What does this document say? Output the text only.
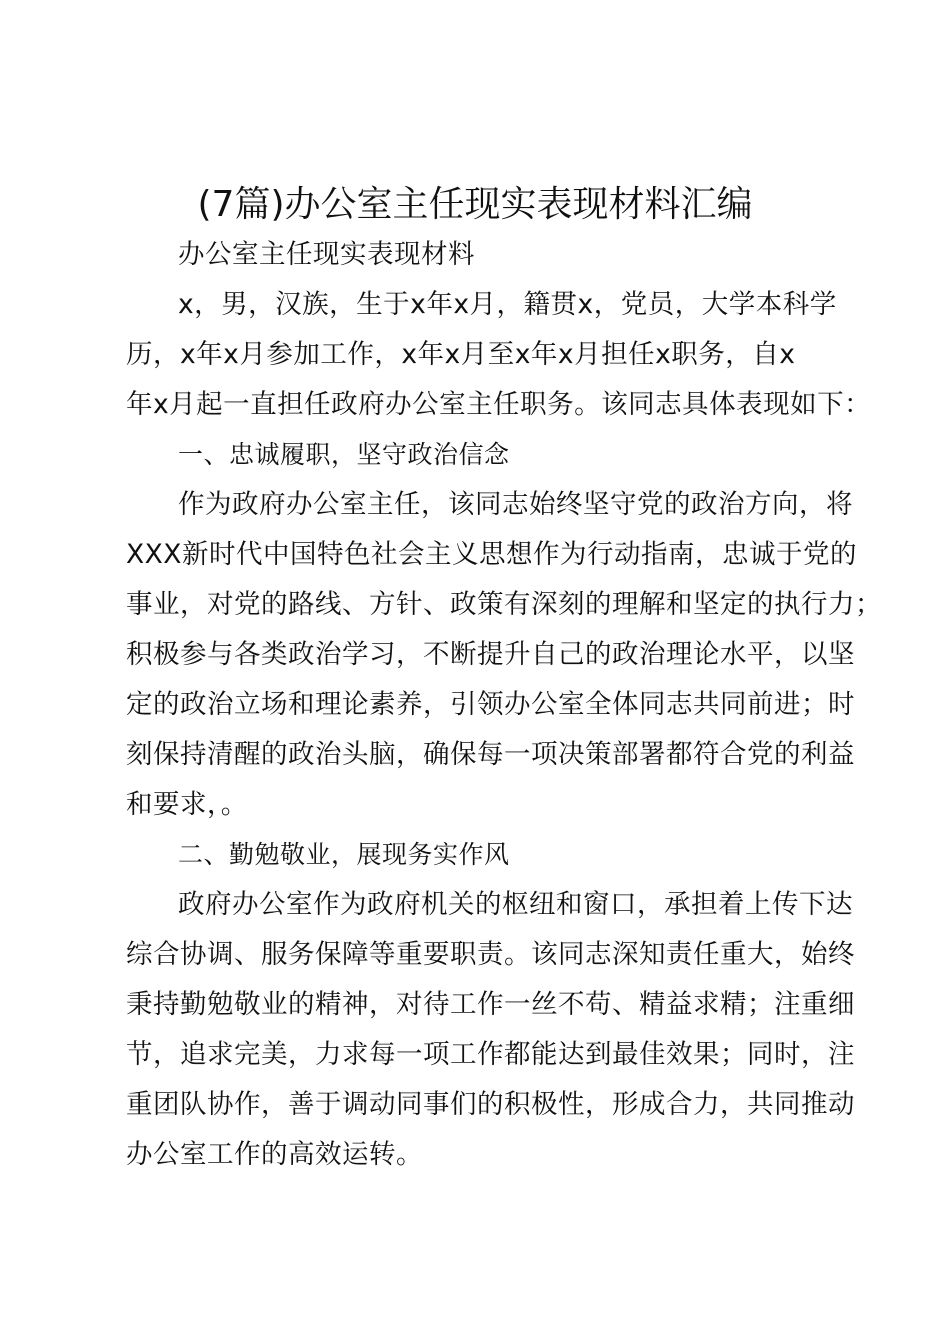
(7篇)办公室主任现实表现材料汇编
办公室主任现实表现材料
x，男，汉族，生于x年x月，籍贯x，党员，大学本科学
历，x年x月参加工作，x年x月至x年x月担任x职务，自x
年x月起一直担任政府办公室主任职务。该同志具体表现如下：
一、忠诚履职，坚守政治信念
作为政府办公室主任，该同志始终坚守党的政治方向，将
XXX新时代中国特色社会主义思想作为行动指南，忠诚于党的
事业，对党的路线、方针、政策有深刻的理解和坚定的执行力；
积极参与各类政治学习，不断提升自己的政治理论水平，以坚
定的政治立场和理论素养，引领办公室全体同志共同前进；时
刻保持清醒的政治头脑，确保每一项决策部署都符合党的利益
和要求，。
二、勤勉敬业，展现务实作风
政府办公室作为政府机关的枢纽和窗口，承担着上传下达
综合协调、服务保障等重要职责。该同志深知责任重大，始终
秉持勤勉敬业的精神，对待工作一丝不苟、精益求精；注重细
节，追求完美，力求每一项工作都能达到最佳效果；同时，注
重团队协作，善于调动同事们的积极性，形成合力，共同推动
办公室工作的高效运转。
